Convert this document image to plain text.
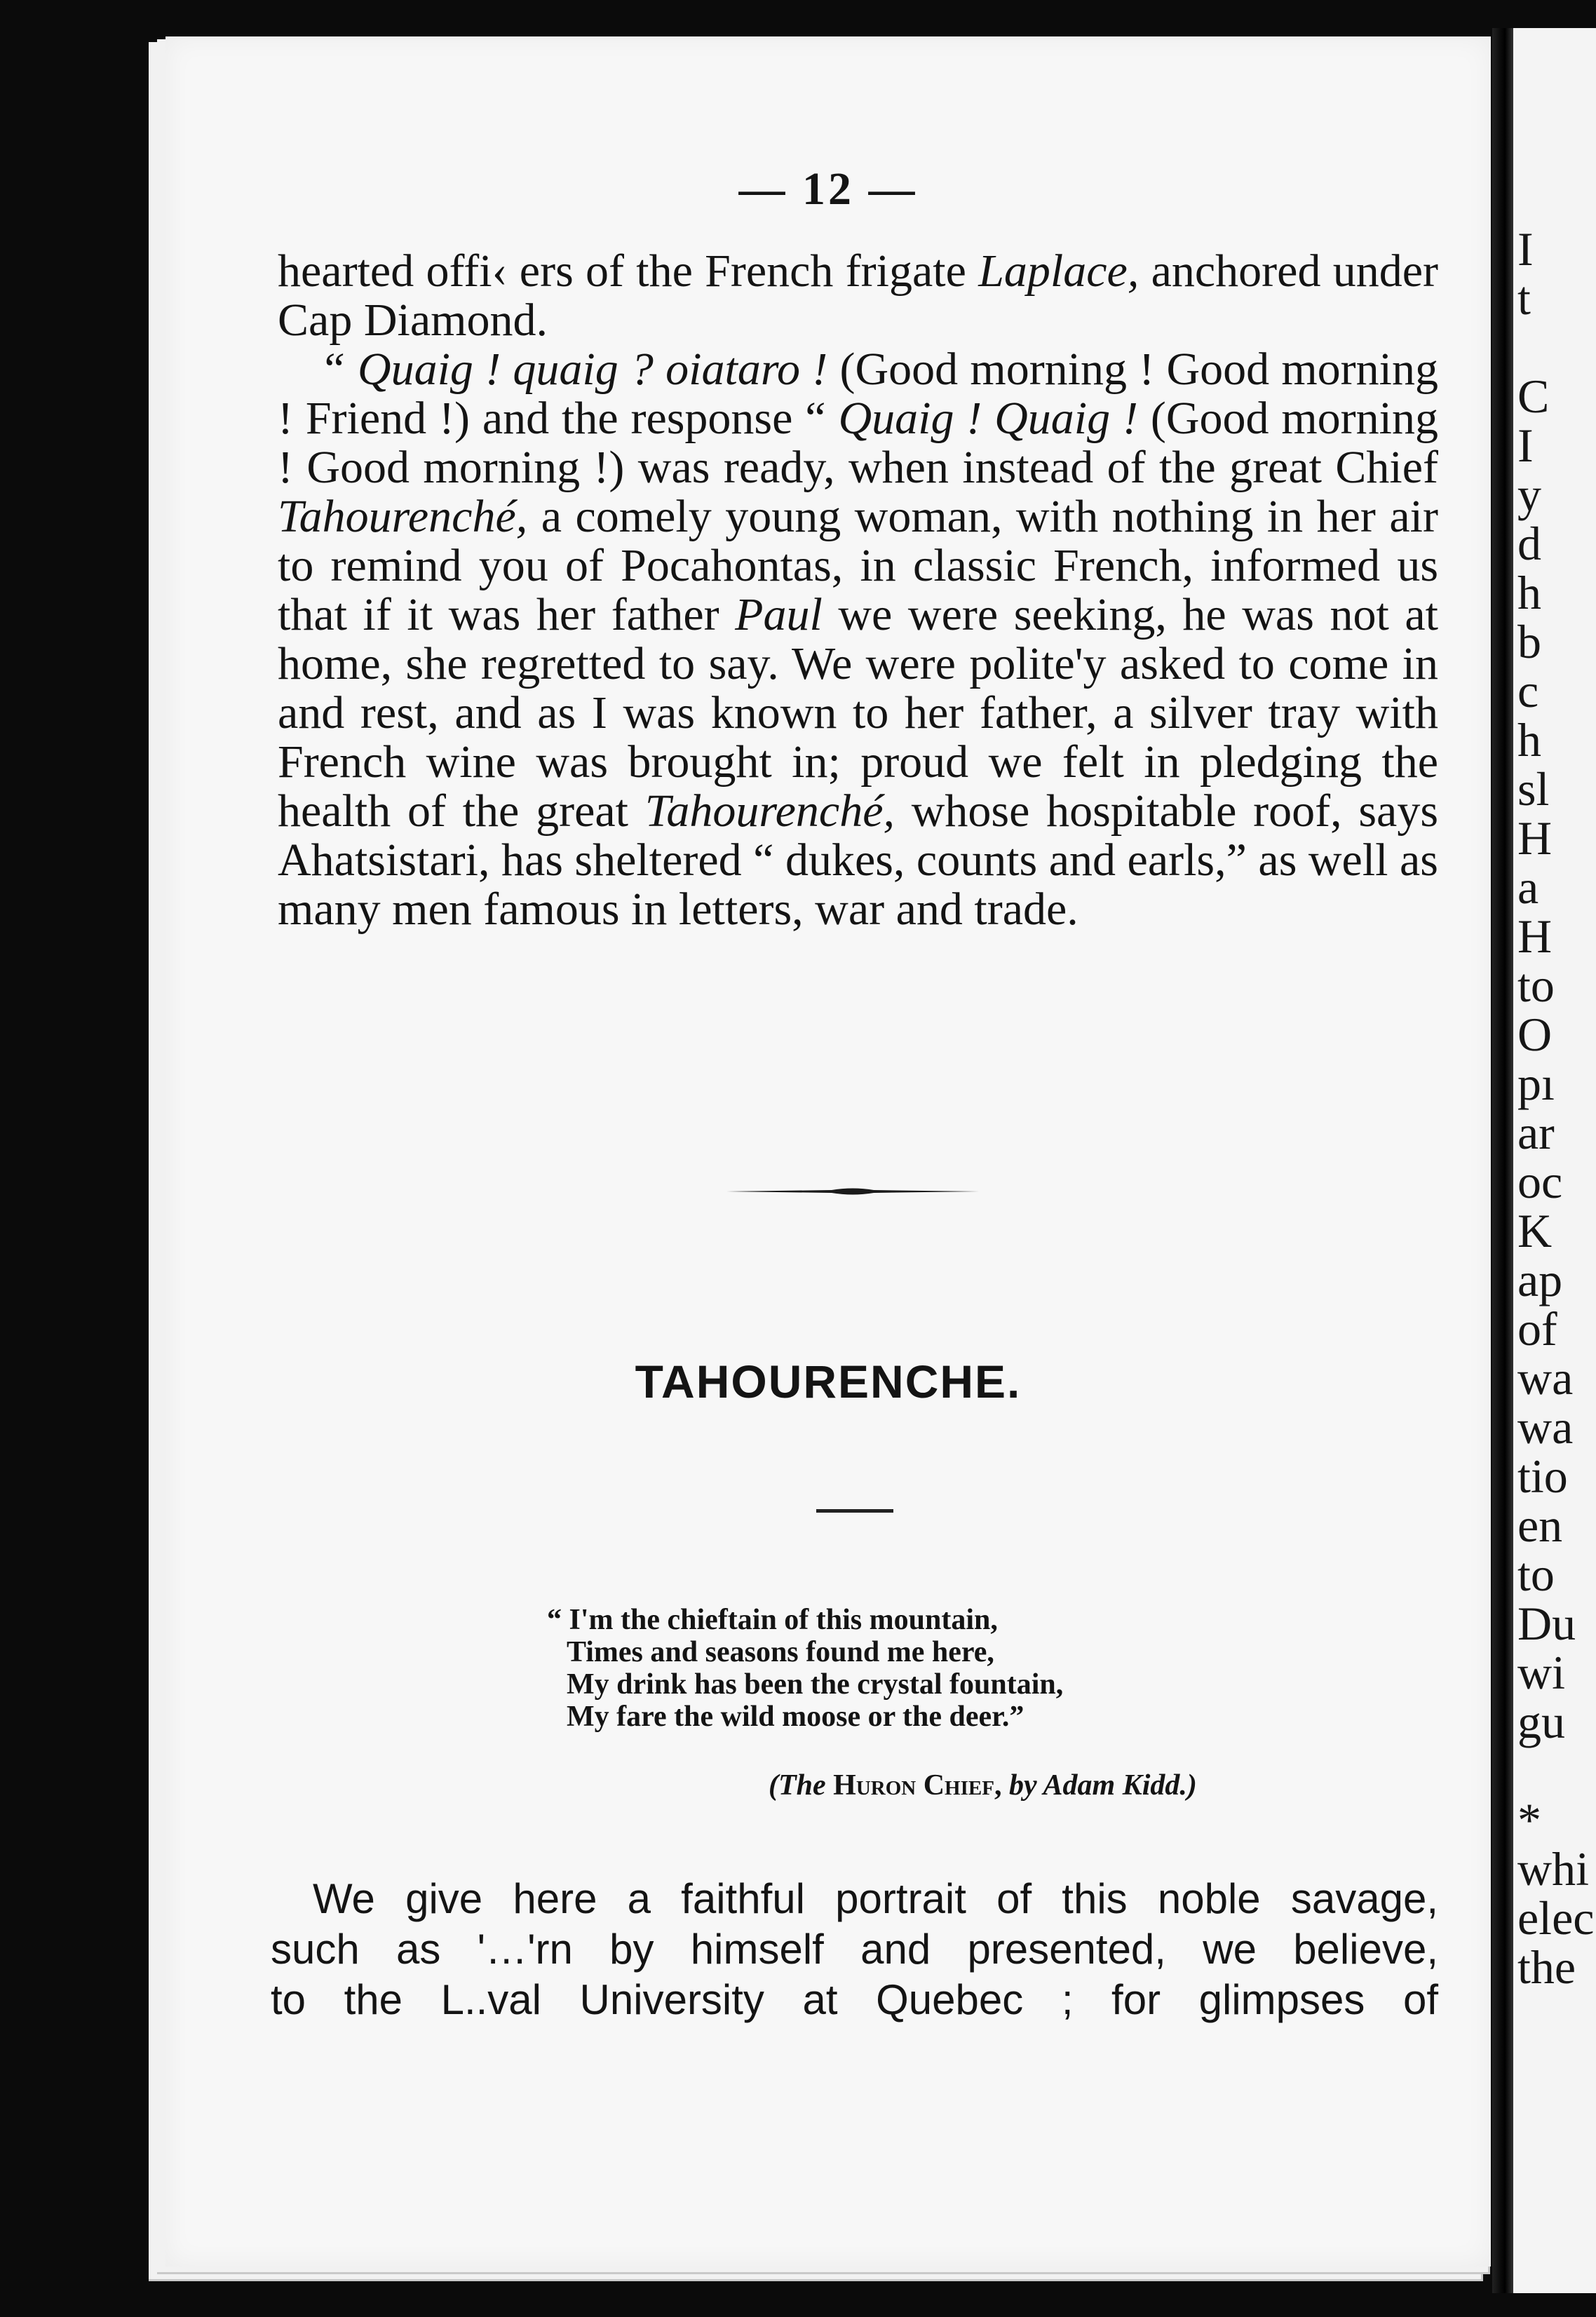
— 12 —

hearted offi‹ ers of the French frigate Laplace, anchored under Cap Diamond.

“ Quaig ! quaig ? oiataro ! (Good morning ! Good morning ! Friend !) and the response “ Quaig ! Quaig ! (Good morning ! Good morning !) was ready, when instead of the great Chief Tahourenché, a comely young woman, with nothing in her air to remind you of Pocahontas, in classic French, informed us that if it was her father Paul we were seeking, he was not at home, she regretted to say. We were polite'y asked to come in and rest, and as I was known to her father, a silver tray with French wine was brought in; proud we felt in pledging the health of the great Tahourenché, whose hospitable roof, says Ahatsistari, has sheltered “ dukes, counts and earls,” as well as many men famous in letters, war and trade.

TAHOURENCHE.
“ I'm the chieftain of this mountain,
Times and seasons found me here,
My drink has been the crystal fountain,
My fare the wild moose or the deer.”
(The Huron Chief, by Adam Kidd.)
We give here a faithful portrait of this noble savage,
such as '…'rn by himself and presented, we believe,
to the L..val University at Quebec ; for glimpses of
I
t

C
I
y
d
h
b
c
h
sl
H
a
H
to
O
pı
ar
oc
K
ap
of
wa
wa
tio
en
to
Du
wi
gu

*
whi
elec
the
